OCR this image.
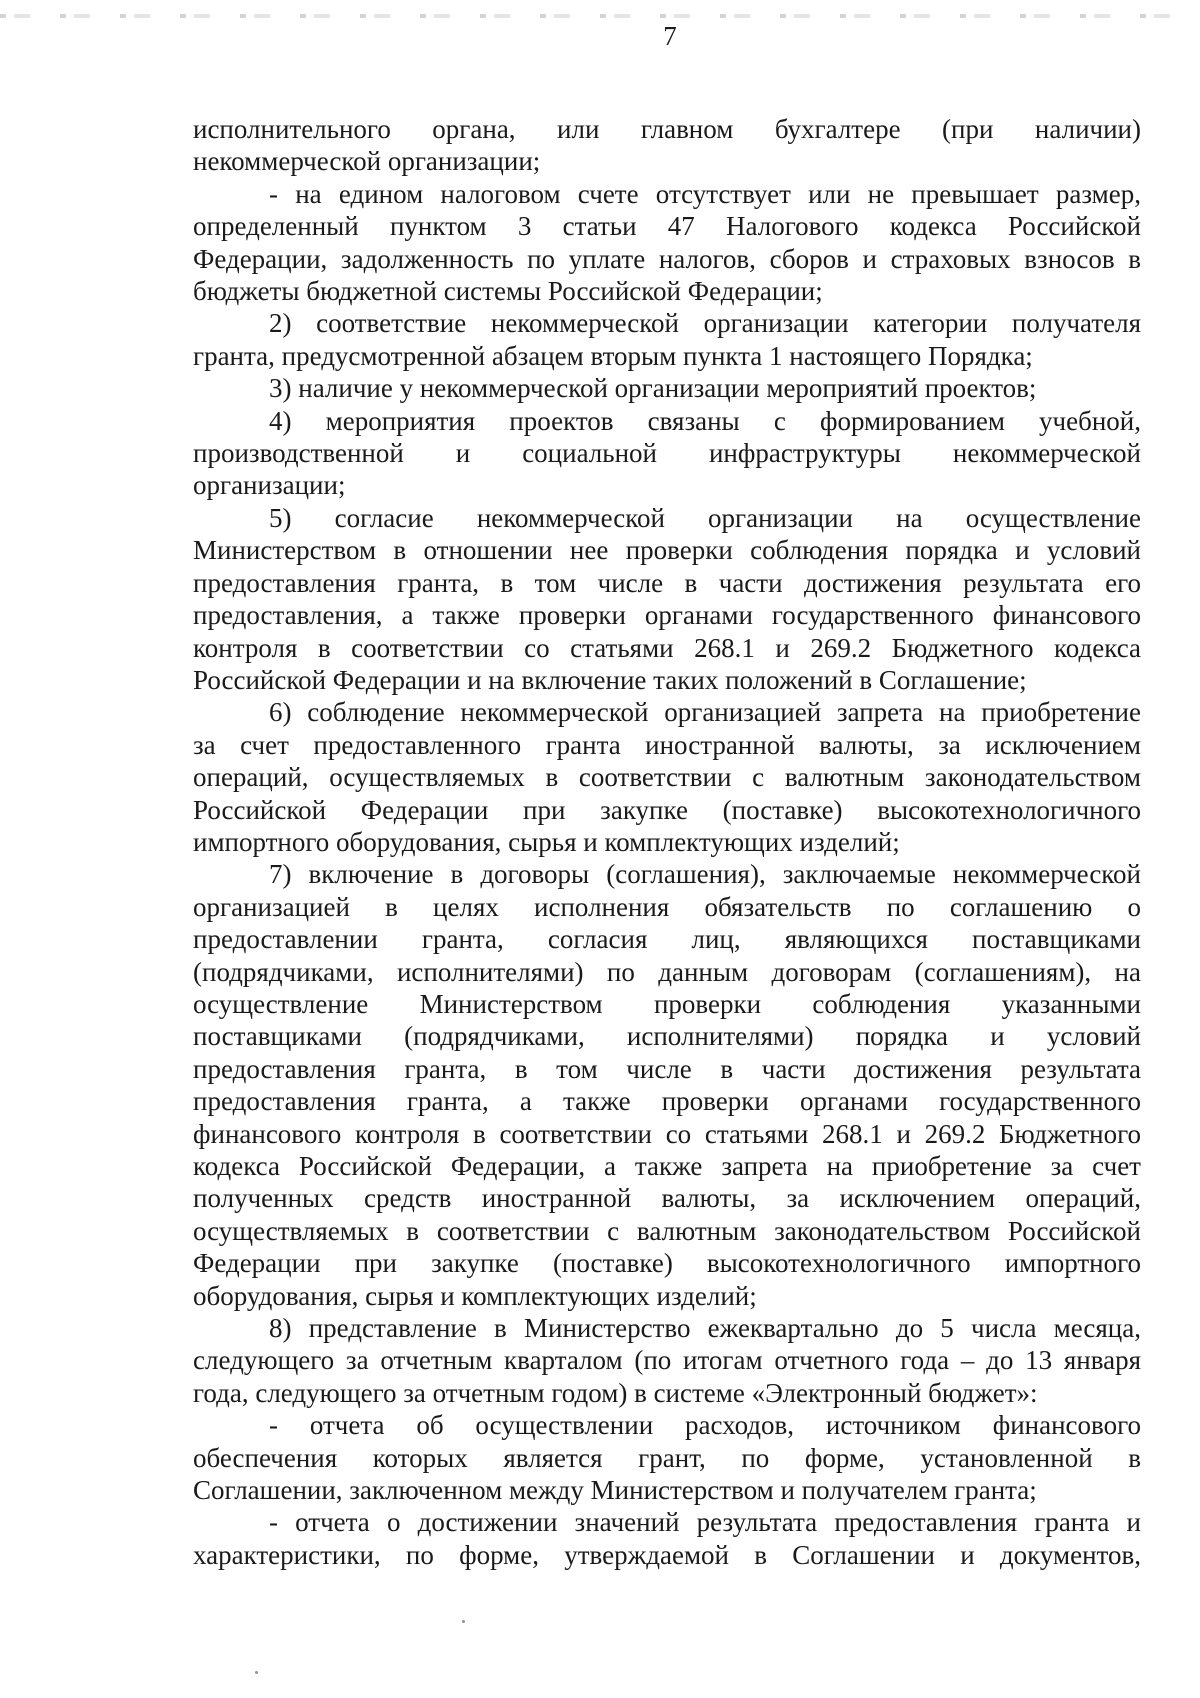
7
исполнительного органа, или главном бухгалтере (при наличии)
некоммерческой организации;
- на едином налоговом счете отсутствует или не превышает размер,
определенный пунктом 3 статьи 47 Налогового кодекса Российской
Федерации, задолженность по уплате налогов, сборов и страховых взносов в
бюджеты бюджетной системы Российской Федерации;
2) соответствие некоммерческой организации категории получателя
гранта, предусмотренной абзацем вторым пункта 1 настоящего Порядка;
3) наличие у некоммерческой организации мероприятий проектов;
4) мероприятия проектов связаны с формированием учебной,
производственной и социальной инфраструктуры некоммерческой
организации;
5) согласие некоммерческой организации на осуществление
Министерством в отношении нее проверки соблюдения порядка и условий
предоставления гранта, в том числе в части достижения результата его
предоставления, а также проверки органами государственного финансового
контроля в соответствии со статьями 268.1 и 269.2 Бюджетного кодекса
Российской Федерации и на включение таких положений в Соглашение;
6) соблюдение некоммерческой организацией запрета на приобретение
за счет предоставленного гранта иностранной валюты, за исключением
операций, осуществляемых в соответствии с валютным законодательством
Российской Федерации при закупке (поставке) высокотехнологичного
импортного оборудования, сырья и комплектующих изделий;
7) включение в договоры (соглашения), заключаемые некоммерческой
организацией в целях исполнения обязательств по соглашению о
предоставлении гранта, согласия лиц, являющихся поставщиками
(подрядчиками, исполнителями) по данным договорам (соглашениям), на
осуществление Министерством проверки соблюдения указанными
поставщиками (подрядчиками, исполнителями) порядка и условий
предоставления гранта, в том числе в части достижения результата
предоставления гранта, а также проверки органами государственного
финансового контроля в соответствии со статьями 268.1 и 269.2 Бюджетного
кодекса Российской Федерации, а также запрета на приобретение за счет
полученных средств иностранной валюты, за исключением операций,
осуществляемых в соответствии с валютным законодательством Российской
Федерации при закупке (поставке) высокотехнологичного импортного
оборудования, сырья и комплектующих изделий;
8) представление в Министерство ежеквартально до 5 числа месяца,
следующего за отчетным кварталом (по итогам отчетного года – до 13 января
года, следующего за отчетным годом) в системе «Электронный бюджет»:
- отчета об осуществлении расходов, источником финансового
обеспечения которых является грант, по форме, установленной в
Соглашении, заключенном между Министерством и получателем гранта;
- отчета о достижении значений результата предоставления гранта и
характеристики, по форме, утверждаемой в Соглашении и документов,
